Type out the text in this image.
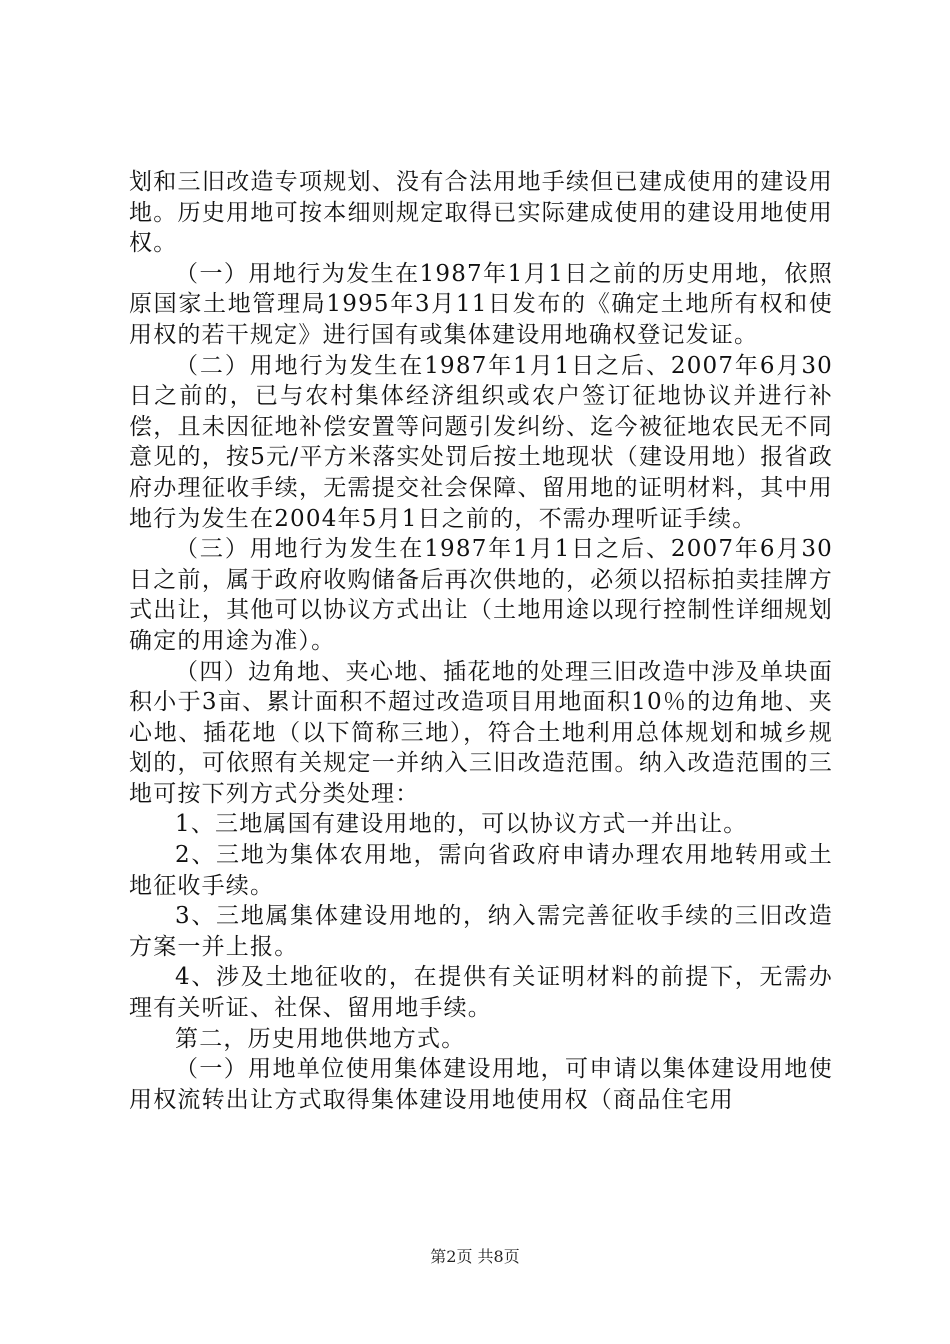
划和三旧改造专项规划、没有合法用地手续但已建成使用的建设用地。历史用地可按本细则规定取得已实际建成使用的建设用地使用权。

（一）用地行为发生在1987年1月1日之前的历史用地，依照原国家土地管理局1995年3月11日发布的《确定土地所有权和使用权的若干规定》进行国有或集体建设用地确权登记发证。

（二）用地行为发生在1987年1月1日之后、2007年6月30日之前的，已与农村集体经济组织或农户签订征地协议并进行补偿，且未因征地补偿安置等问题引发纠纷、迄今被征地农民无不同意见的，按5元/平方米落实处罚后按土地现状（建设用地）报省政府办理征收手续，无需提交社会保障、留用地的证明材料，其中用地行为发生在2004年5月1日之前的，不需办理听证手续。

（三）用地行为发生在1987年1月1日之后、2007年6月30日之前，属于政府收购储备后再次供地的，必须以招标拍卖挂牌方式出让，其他可以协议方式出让（土地用途以现行控制性详细规划确定的用途为准）。

（四）边角地、夹心地、插花地的处理三旧改造中涉及单块面积小于3亩、累计面积不超过改造项目用地面积10％的边角地、夹心地、插花地（以下简称三地），符合土地利用总体规划和城乡规划的，可依照有关规定一并纳入三旧改造范围。纳入改造范围的三地可按下列方式分类处理：

1、三地属国有建设用地的，可以协议方式一并出让。

2、三地为集体农用地，需向省政府申请办理农用地转用或土地征收手续。

3、三地属集体建设用地的，纳入需完善征收手续的三旧改造方案一并上报。

4、涉及土地征收的，在提供有关证明材料的前提下，无需办理有关听证、社保、留用地手续。

第二，历史用地供地方式。

（一）用地单位使用集体建设用地，可申请以集体建设用地使用权流转出让方式取得集体建设用地使用权（商品住宅用

第2页 共8页
